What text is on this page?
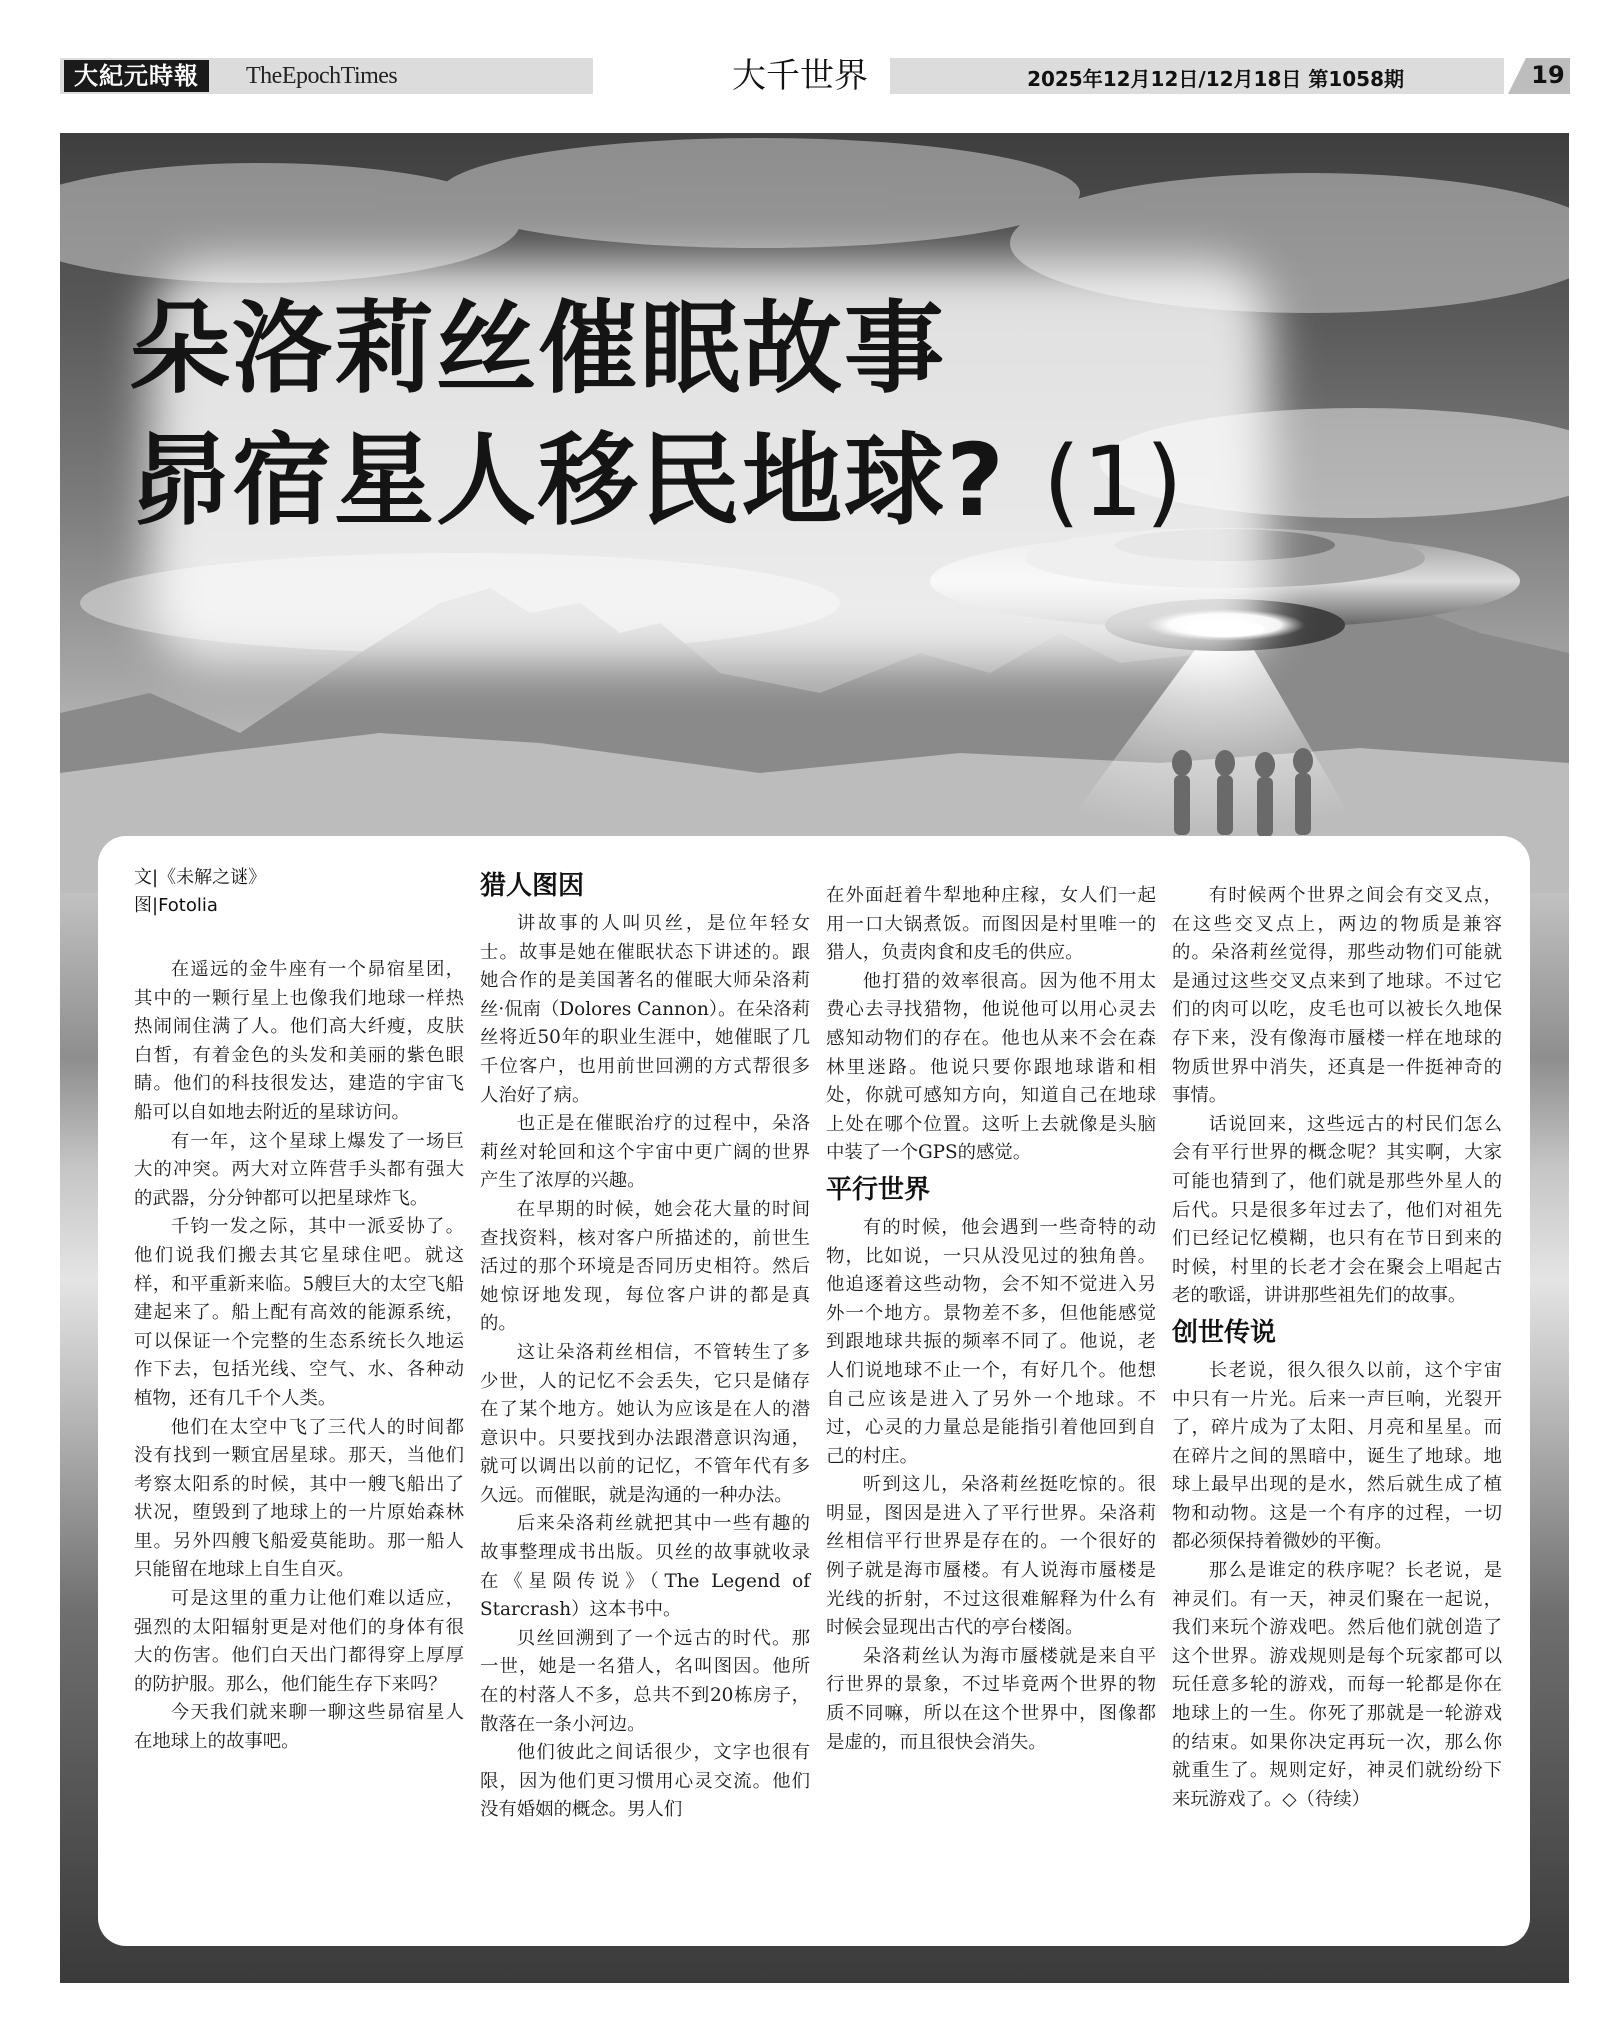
大紀元時報	TheEpochTimes	大千世界	2025年12月12日/12月18日 第1058期	19
朵洛莉丝催眠故事
昴宿星人移民地球? (1)
文|《未解之谜》
图|Fotolia

在遥远的金牛座有一个昴宿星团，其中的一颗行星上也像我们地球一样热热闹闹住满了人。他们高大纤瘦，皮肤白皙，有着金色的头发和美丽的紫色眼睛。他们的科技很发达，建造的宇宙飞船可以自如地去附近的星球访问。

有一年，这个星球上爆发了一场巨大的冲突。两大对立阵营手头都有强大的武器，分分钟都可以把星球炸飞。

千钧一发之际，其中一派妥协了。他们说我们搬去其它星球住吧。就这样，和平重新来临。5艘巨大的太空飞船建起来了。船上配有高效的能源系统，可以保证一个完整的生态系统长久地运作下去，包括光线、空气、水、各种动植物，还有几千个人类。

他们在太空中飞了三代人的时间都没有找到一颗宜居星球。那天，当他们考察太阳系的时候，其中一艘飞船出了状况，堕毁到了地球上的一片原始森林里。另外四艘飞船爱莫能助。那一船人只能留在地球上自生自灭。

可是这里的重力让他们难以适应，强烈的太阳辐射更是对他们的身体有很大的伤害。他们白天出门都得穿上厚厚的防护服。那么，他们能生存下来吗？

今天我们就来聊一聊这些昴宿星人在地球上的故事吧。

猎人图因

讲故事的人叫贝丝，是位年轻女士。故事是她在催眠状态下讲述的。跟她合作的是美国著名的催眠大师朵洛莉丝·侃南（Dolores Cannon）。在朵洛莉丝将近50年的职业生涯中，她催眠了几千位客户，也用前世回溯的方式帮很多人治好了病。

也正是在催眠治疗的过程中，朵洛莉丝对轮回和这个宇宙中更广阔的世界产生了浓厚的兴趣。

在早期的时候，她会花大量的时间查找资料，核对客户所描述的，前世生活过的那个环境是否同历史相符。然后她惊讶地发现，每位客户讲的都是真的。

这让朵洛莉丝相信，不管转生了多少世，人的记忆不会丢失，它只是储存在了某个地方。她认为应该是在人的潜意识中。只要找到办法跟潜意识沟通，就可以调出以前的记忆，不管年代有多久远。而催眠，就是沟通的一种办法。

后来朵洛莉丝就把其中一些有趣的故事整理成书出版。贝丝的故事就收录在《星陨传说》（The Legend of Starcrash）这本书中。

贝丝回溯到了一个远古的时代。那一世，她是一名猎人，名叫图因。他所在的村落人不多，总共不到20栋房子，散落在一条小河边。

他们彼此之间话很少，文字也很有限，因为他们更习惯用心灵交流。他们没有婚姻的概念。男人们

在外面赶着牛犁地种庄稼，女人们一起用一口大锅煮饭。而图因是村里唯一的猎人，负责肉食和皮毛的供应。

他打猎的效率很高。因为他不用太费心去寻找猎物，他说他可以用心灵去感知动物们的存在。他也从来不会在森林里迷路。他说只要你跟地球谐和相处，你就可感知方向，知道自己在地球上处在哪个位置。这听上去就像是头脑中装了一个GPS的感觉。

平行世界

有的时候，他会遇到一些奇特的动物，比如说，一只从没见过的独角兽。他追逐着这些动物，会不知不觉进入另外一个地方。景物差不多，但他能感觉到跟地球共振的频率不同了。他说，老人们说地球不止一个，有好几个。他想自己应该是进入了另外一个地球。不过，心灵的力量总是能指引着他回到自己的村庄。

听到这儿，朵洛莉丝挺吃惊的。很明显，图因是进入了平行世界。朵洛莉丝相信平行世界是存在的。一个很好的例子就是海市蜃楼。有人说海市蜃楼是光线的折射，不过这很难解释为什么有时候会显现出古代的亭台楼阁。

朵洛莉丝认为海市蜃楼就是来自平行世界的景象，不过毕竟两个世界的物质不同嘛，所以在这个世界中，图像都是虚的，而且很快会消失。

有时候两个世界之间会有交叉点，在这些交叉点上，两边的物质是兼容的。朵洛莉丝觉得，那些动物们可能就是通过这些交叉点来到了地球。不过它们的肉可以吃，皮毛也可以被长久地保存下来，没有像海市蜃楼一样在地球的物质世界中消失，还真是一件挺神奇的事情。

话说回来，这些远古的村民们怎么会有平行世界的概念呢？其实啊，大家可能也猜到了，他们就是那些外星人的后代。只是很多年过去了，他们对祖先们已经记忆模糊，也只有在节日到来的时候，村里的长老才会在聚会上唱起古老的歌谣，讲讲那些祖先们的故事。

创世传说

长老说，很久很久以前，这个宇宙中只有一片光。后来一声巨响，光裂开了，碎片成为了太阳、月亮和星星。而在碎片之间的黑暗中，诞生了地球。地球上最早出现的是水，然后就生成了植物和动物。这是一个有序的过程，一切都必须保持着微妙的平衡。

那么是谁定的秩序呢？长老说，是神灵们。有一天，神灵们聚在一起说，我们来玩个游戏吧。然后他们就创造了这个世界。游戏规则是每个玩家都可以玩任意多轮的游戏，而每一轮都是你在地球上的一生。你死了那就是一轮游戏的结束。如果你决定再玩一次，那么你就重生了。规则定好，神灵们就纷纷下来玩游戏了。◇（待续）
